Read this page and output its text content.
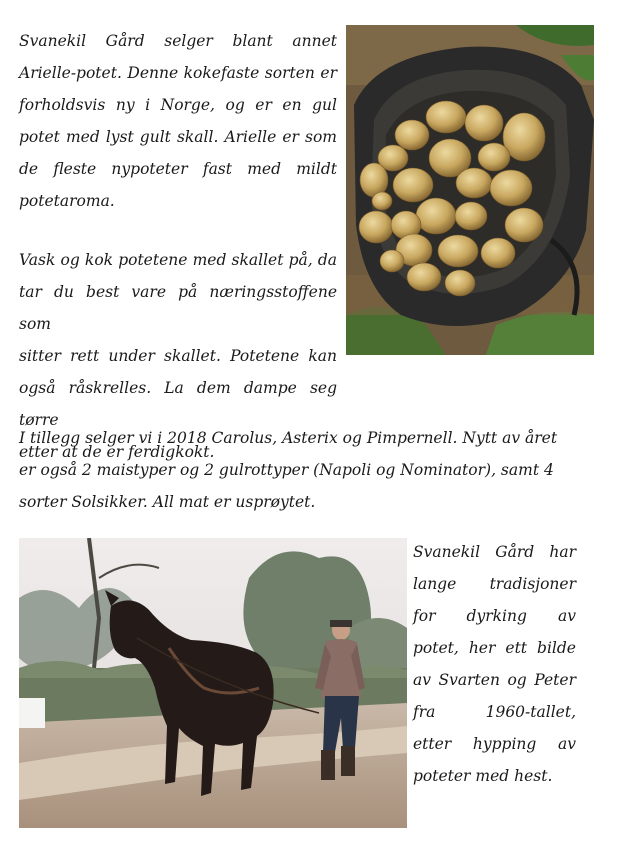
Svanekil Gård selger blant annet
Arielle-potet. Denne kokefaste sorten er
forholdsvis ny i Norge, og er en gul
potet med lyst gult skall. Arielle er som
de fleste nypoteter fast med mildt
potetaroma.
Vask og kok potetene med skallet på, da
tar du best vare på næringsstoffene som
sitter rett under skallet. Potetene kan
også råskrelles. La dem dampe seg tørre
etter at de er ferdigkokt.
I tillegg selger vi i 2018 Carolus, Asterix og Pimpernell. Nytt av året
er også 2 maistyper og 2 gulrottyper (Napoli og Nominator), samt 4
sorter Solsikker. All mat er usprøytet.
Svanekil Gård har
lange tradisjoner
for dyrking av
potet, her ett bilde
av Svarten og Peter
fra 1960-tallet,
etter hypping av
poteter med hest.
